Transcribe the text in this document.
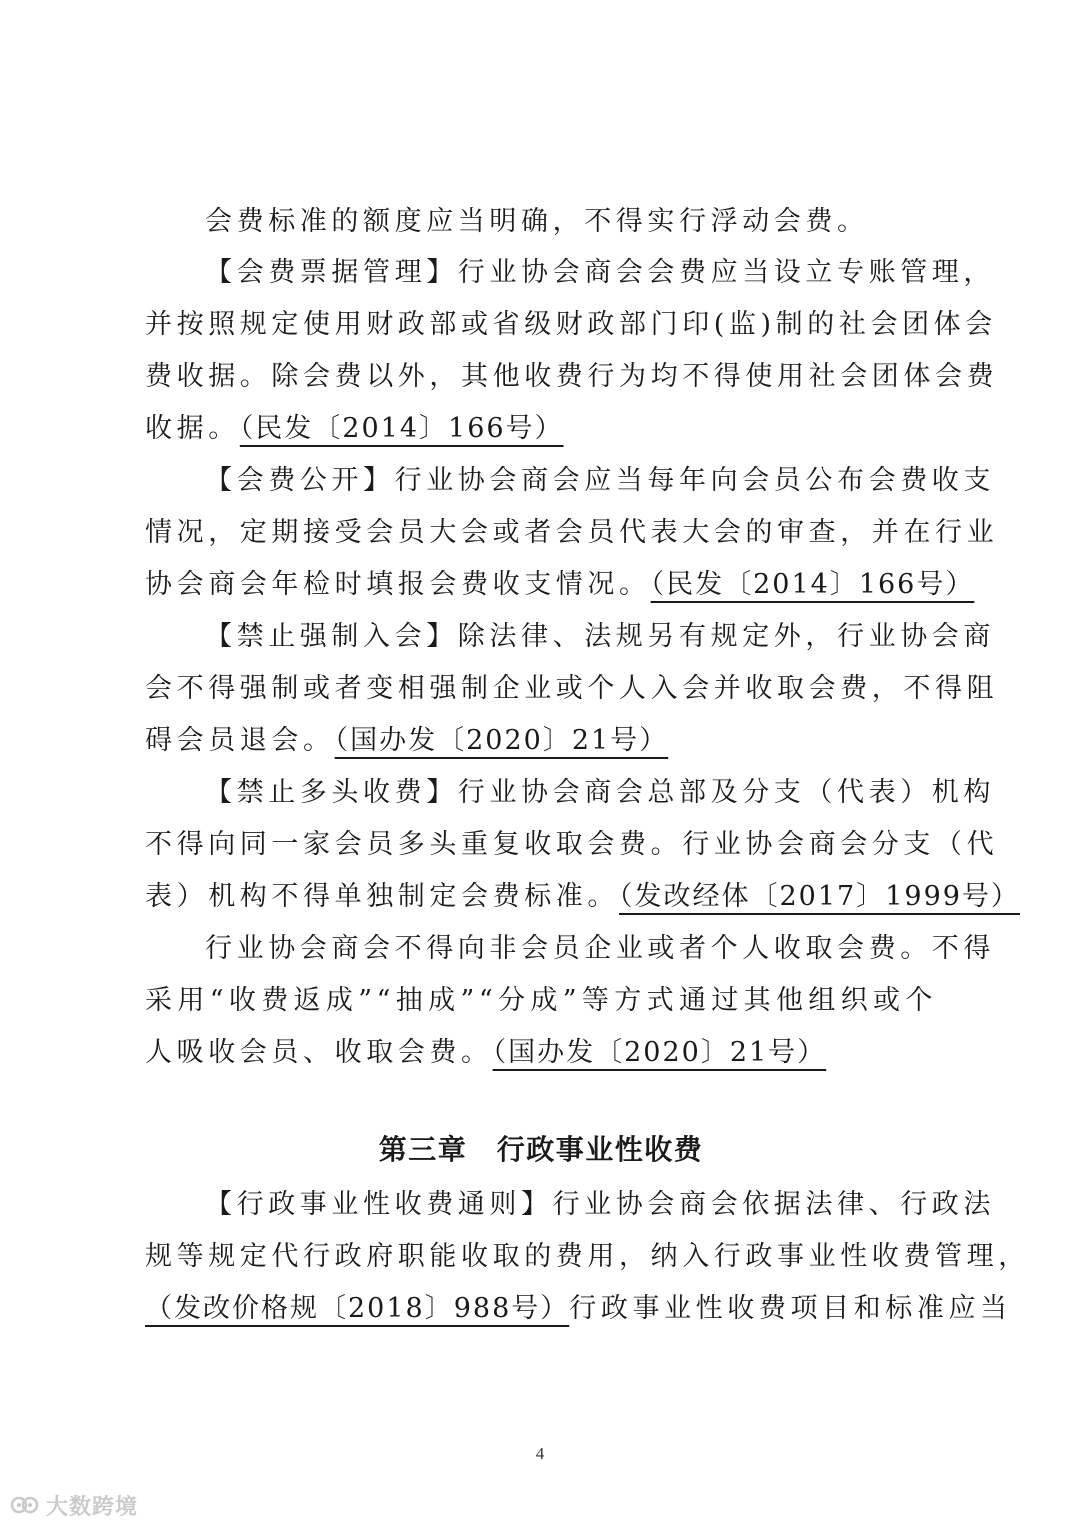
会费标准的额度应当明确，不得实行浮动会费。
【会费票据管理】行业协会商会会费应当设立专账管理，
并按照规定使用财政部或省级财政部门印(监)制的社会团体会
费收据。除会费以外，其他收费行为均不得使用社会团体会费
收据。（民发〔2014〕166号）
【会费公开】行业协会商会应当每年向会员公布会费收支
情况，定期接受会员大会或者会员代表大会的审查，并在行业
协会商会年检时填报会费收支情况。（民发〔2014〕166号）
【禁止强制入会】除法律、法规另有规定外，行业协会商
会不得强制或者变相强制企业或个人入会并收取会费，不得阻
碍会员退会。（国办发〔2020〕21号）
【禁止多头收费】行业协会商会总部及分支（代表）机构
不得向同一家会员多头重复收取会费。行业协会商会分支（代
表）机构不得单独制定会费标准。（发改经体〔2017〕1999号）
行业协会商会不得向非会员企业或者个人收取会费。不得
采用“收费返成”“抽成”“分成”等方式通过其他组织或个
人吸收会员、收取会费。（国办发〔2020〕21号）
第三章　行政事业性收费
【行政事业性收费通则】行业协会商会依据法律、行政法
规等规定代行政府职能收取的费用，纳入行政事业性收费管理，
（发改价格规〔2018〕988号）行政事业性收费项目和标准应当
4
大数跨境
